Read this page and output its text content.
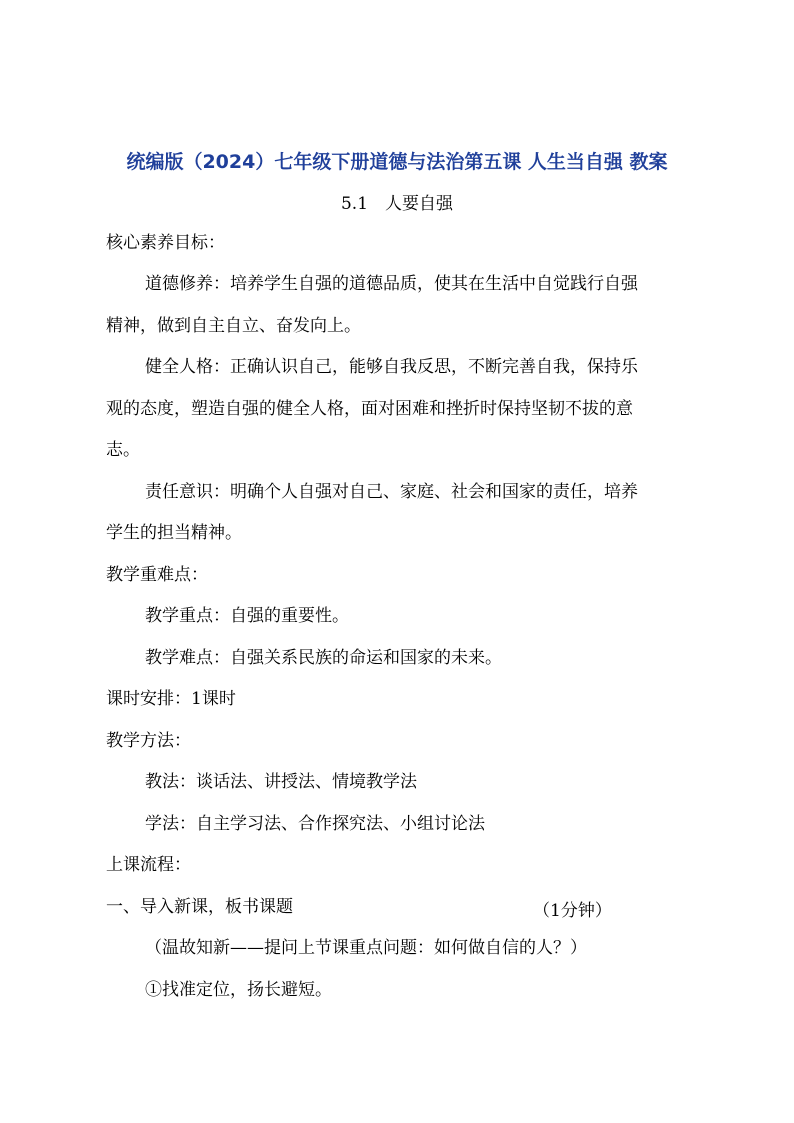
统编版（2024）七年级下册道德与法治第五课 人生当自强 教案
5.1　人要自强
核心素养目标：
道德修养：培养学生自强的道德品质，使其在生活中自觉践行自强
精神，做到自主自立、奋发向上。
健全人格：正确认识自己，能够自我反思，不断完善自我，保持乐
观的态度，塑造自强的健全人格，面对困难和挫折时保持坚韧不拔的意
志。
责任意识：明确个人自强对自己、家庭、社会和国家的责任，培养
学生的担当精神。
教学重难点：
教学重点：自强的重要性。
教学难点：自强关系民族的命运和国家的未来。
课时安排：1课时
教学方法：
教法：谈话法、讲授法、情境教学法
学法：自主学习法、合作探究法、小组讨论法
上课流程：
一、导入新课，板书课题	（1分钟）
（温故知新——提问上节课重点问题：如何做自信的人？）
①找准定位，扬长避短。
